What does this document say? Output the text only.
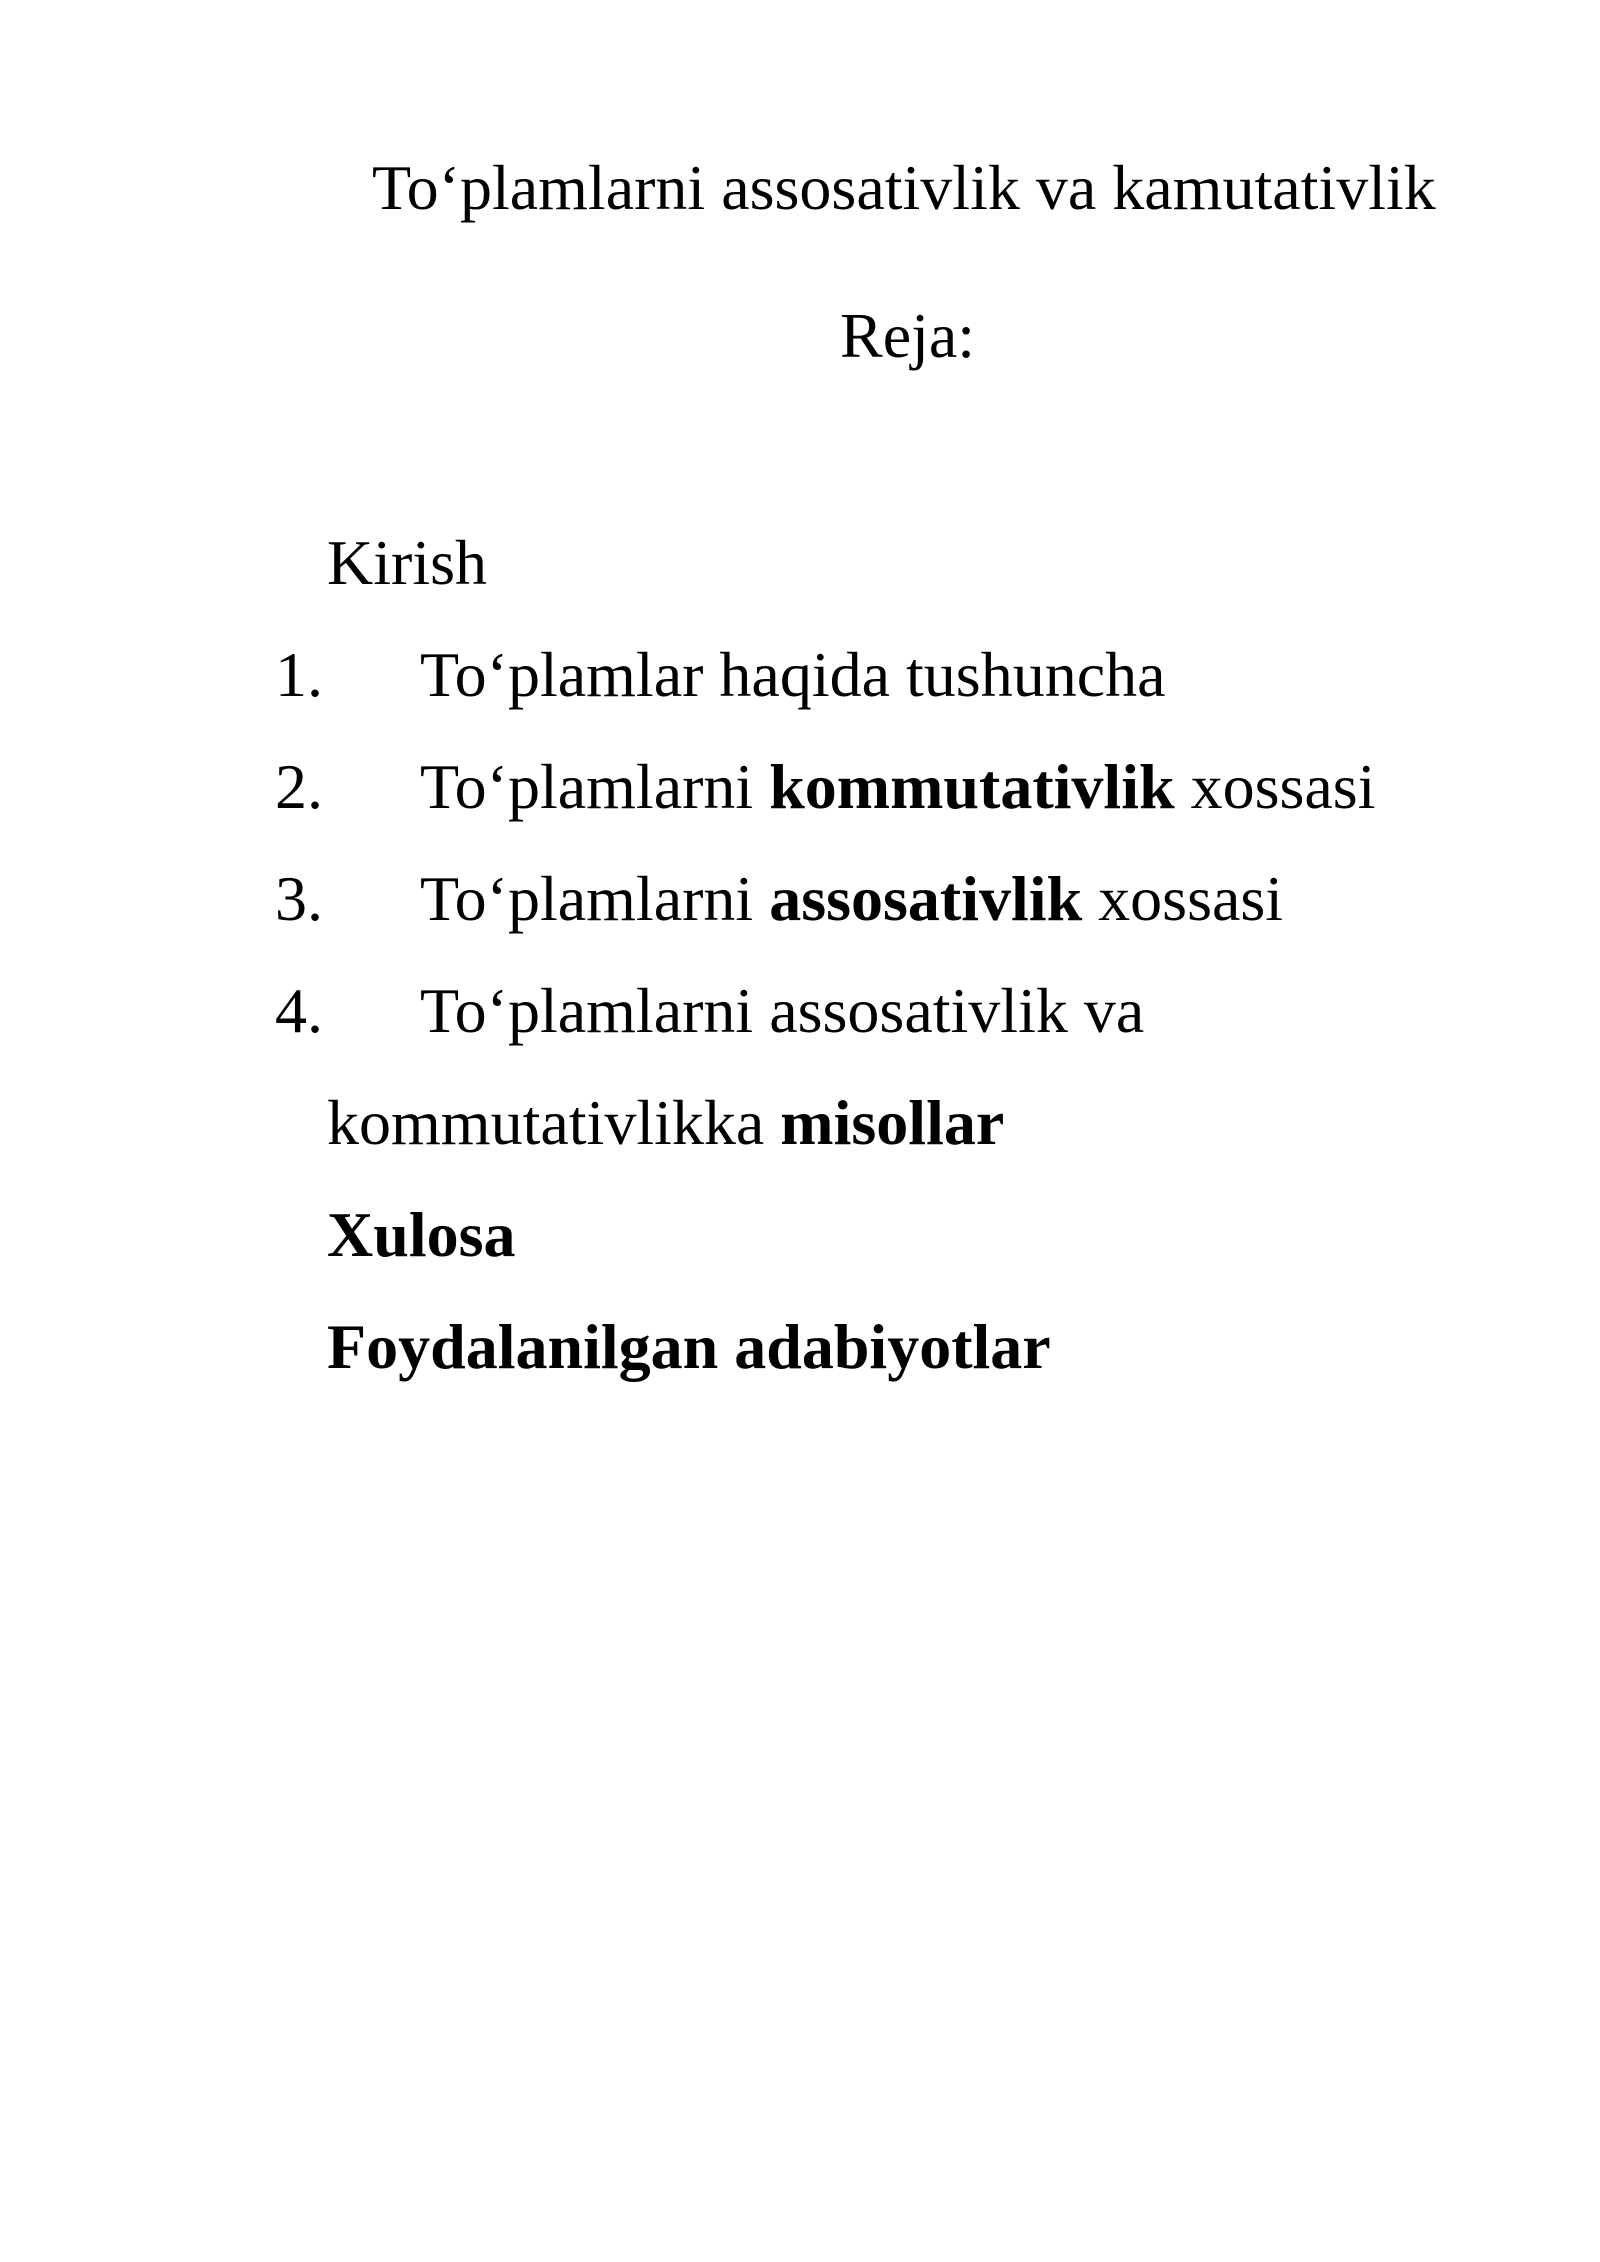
To‘plamlarni assosativlik va kamutativlik
Reja:
Kirish
1. To‘plamlar haqida tushuncha
2. To‘plamlarni kommutativlik xossasi
3. To‘plamlarni assosativlik xossasi
4. To‘plamlarni assosativlik va
kommutativlikka misollar
Xulosa
Foydalanilgan adabiyotlar
